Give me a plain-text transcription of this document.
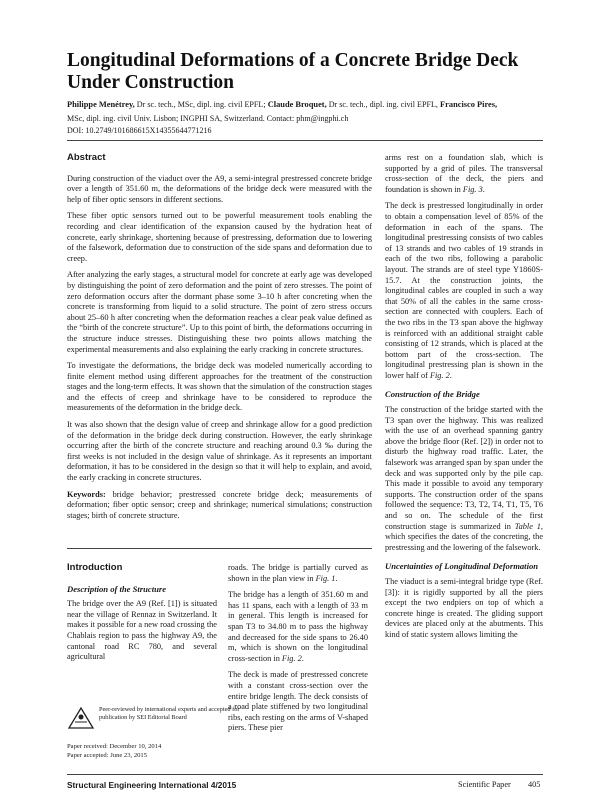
Longitudinal Deformations of a Concrete Bridge Deck Under Construction
Philippe Menétrey, Dr sc. tech., MSc, dipl. ing. civil EPFL; Claude Broquet, Dr sc. tech., dipl. ing. civil EPFL, Francisco Pires,
MSc, dipl. ing. civil Univ. Lisbon; INGPHI SA, Switzerland. Contact: phm@ingphi.ch
DOI: 10.2749/101686615X14355644771216
Abstract

During construction of the viaduct over the A9, a semi-integral prestressed concrete bridge over a length of 351.60 m, the deformations of the bridge deck were measured with the help of fiber optic sensors in different sections.

These fiber optic sensors turned out to be powerful measurement tools enabling the recording and clear identification of the expansion caused by the hydration heat of concrete, early shrinkage, shortening because of prestressing, deformation due to lowering of the falsework, deformation due to construction of the side spans and deformation due to creep.

After analyzing the early stages, a structural model for concrete at early age was developed by distinguishing the point of zero deformation and the point of zero stresses. The point of zero deformation occurs after the dormant phase some 3–10 h after concreting when the concrete is transforming from liquid to a solid structure. The point of zero stress occurs about 25–60 h after concreting when the deformation reaches a clear peak value defined as the “birth of the concrete structure”. Up to this point of birth, the deformations occurring in the structure induce stresses. Distinguishing these two points allows matching the experimental measurements and also explaining the early cracking in concrete structures.

To investigate the deformations, the bridge deck was modeled numerically according to finite element method using different approaches for the treatment of the construction stages and the long-term effects. It was shown that the simulation of the construction stages and the effects of creep and shrinkage have to be considered to reproduce the measurements of the deformation in the bridge deck.

It was also shown that the design value of creep and shrinkage allow for a good prediction of the deformation in the bridge deck during construction. However, the early shrinkage occurring after the birth of the concrete structure and reaching around 0.3 ‰ during the first weeks is not included in the design value of shrinkage. As it represents an important deformation, it has to be considered in the design so that it will help to explain, and avoid, the early cracking in concrete structures.

Keywords: bridge behavior; prestressed concrete bridge deck; measurements of deformation; fiber optic sensor; creep and shrinkage; numerical simulations; construction stages; birth of concrete structure.

Introduction
Description of the Structure

The bridge over the A9 (Ref. [1]) is situated near the village of Rennaz in Switzerland. It makes it possible for a new road crossing the Chablais region to pass the highway A9, the cantonal road RC 780, and several agricultural

roads. The bridge is partially curved as shown in the plan view in Fig. 1.

The bridge has a length of 351.60 m and has 11 spans, each with a length of 33 m in general. This length is increased for span T3 to 34.80 m to pass the highway and decreased for the side spans to 26.40 m, which is shown on the longitudinal cross-section in Fig. 2.

The deck is made of prestressed concrete with a constant cross-section over the entire bridge length. The deck consists of a road plate stiffened by two longitudinal ribs, each resting on the arms of V-shaped piers. These pier

arms rest on a foundation slab, which is supported by a grid of piles. The transversal cross-section of the deck, the piers and foundation is shown in Fig. 3.

The deck is prestressed longitudinally in order to obtain a compensation level of 85% of the deformation in each of the spans. The longitudinal prestressing consists of two cables of 13 strands and two cables of 19 strands in each of the two ribs, following a parabolic layout. The strands are of steel type Y1860S-15.7. At the construction joints, the longitudinal cables are coupled in such a way that 50% of all the cables in the same cross-section are connected with couplers. Each of the two ribs in the T3 span above the highway is reinforced with an additional straight cable consisting of 12 strands, which is placed at the bottom part of the cross-section. The longitudinal prestressing plan is shown in the lower half of Fig. 2.

Construction of the Bridge

The construction of the bridge started with the T3 span over the highway. This was realized with the use of an overhead spanning gantry above the bridge floor (Ref. [2]) in order not to disturb the highway road traffic. Later, the falsework was arranged span by span under the deck and was supported only by the pile cap. This made it possible to avoid any temporary supports. The construction order of the spans followed the sequence: T3, T2, T4, T1, T5, T6 and so on. The schedule of the first construction stage is summarized in Table 1, which specifies the dates of the concreting, the prestressing and the lowering of the falsework.

Uncertainties of Longitudinal Deformation

The viaduct is a semi-integral bridge type (Ref. [3]): it is rigidly supported by all the piers except the two endpiers on top of which a concrete hinge is created. The gliding support devices are placed only at the abutments. This kind of static system allows limiting the

Peer-reviewed by international experts and accepted for publication by SEI Editorial Board
Paper received: December 10, 2014
Paper accepted: June 23, 2015
Structural Engineering International 4/2015	Scientific Paper 405
